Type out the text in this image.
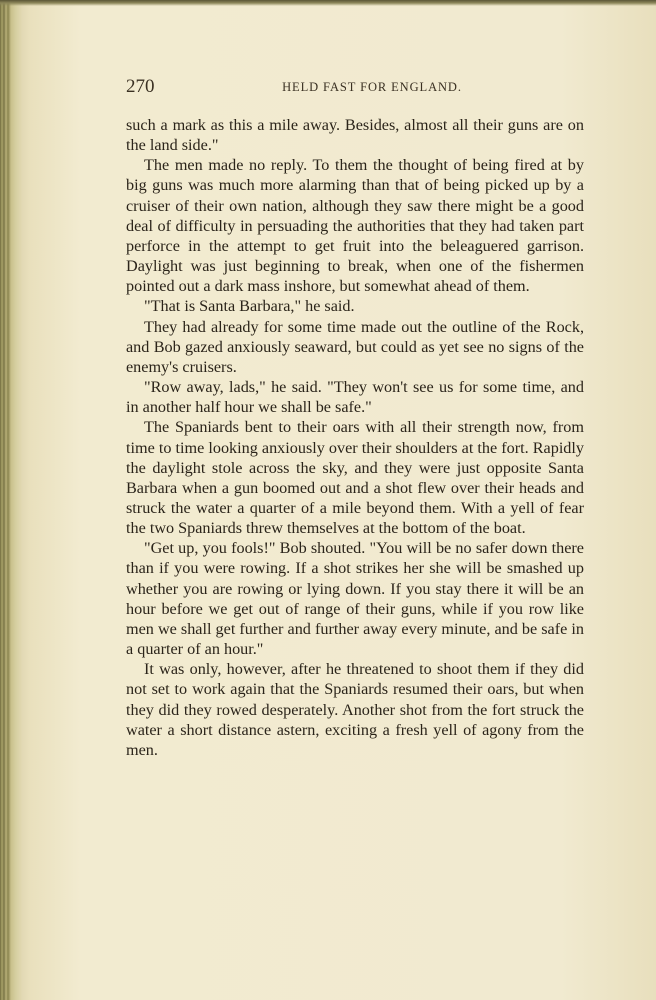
270	HELD FAST FOR ENGLAND.

such a mark as this a mile away. Besides, almost all their guns are on the land side."

The men made no reply. To them the thought of being fired at by big guns was much more alarming than that of being picked up by a cruiser of their own nation, although they saw there might be a good deal of difficulty in persuading the authorities that they had taken part perforce in the attempt to get fruit into the beleaguered garrison. Daylight was just beginning to break, when one of the fishermen pointed out a dark mass inshore, but somewhat ahead of them.

"That is Santa Barbara," he said.

They had already for some time made out the outline of the Rock, and Bob gazed anxiously seaward, but could as yet see no signs of the enemy's cruisers.

"Row away, lads," he said. "They won't see us for some time, and in another half hour we shall be safe."

The Spaniards bent to their oars with all their strength now, from time to time looking anxiously over their shoulders at the fort. Rapidly the daylight stole across the sky, and they were just opposite Santa Barbara when a gun boomed out and a shot flew over their heads and struck the water a quarter of a mile beyond them. With a yell of fear the two Spaniards threw themselves at the bottom of the boat.

"Get up, you fools!" Bob shouted. "You will be no safer down there than if you were rowing. If a shot strikes her she will be smashed up whether you are rowing or lying down. If you stay there it will be an hour before we get out of range of their guns, while if you row like men we shall get further and further away every minute, and be safe in a quarter of an hour."

It was only, however, after he threatened to shoot them if they did not set to work again that the Spaniards resumed their oars, but when they did they rowed desperately. Another shot from the fort struck the water a short distance astern, exciting a fresh yell of agony from the men.
